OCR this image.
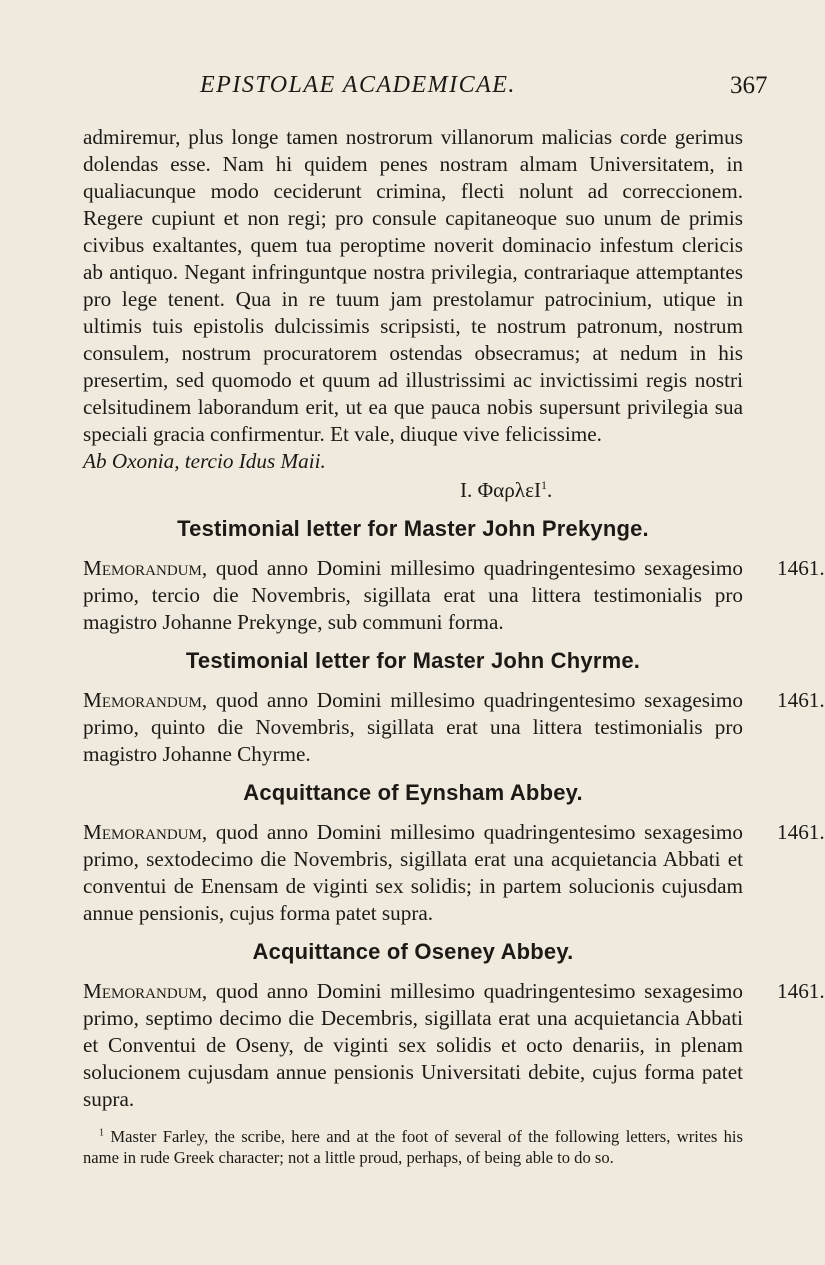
EPISTOLAE ACADEMICAE.	367

admiremur, plus longe tamen nostrorum villanorum malicias corde gerimus dolendas esse. Nam hi quidem penes nostram almam Universitatem, in qualiacunque modo ceciderunt crimina, flecti nolunt ad correccionem. Regere cupiunt et non regi; pro consule capitaneoque suo unum de primis civibus exaltantes, quem tua peroptime noverit dominacio infestum clericis ab antiquo. Negant infringuntque nostra privilegia, contrariaque attemptantes pro lege tenent. Qua in re tuum jam prestolamur patrocinium, utique in ultimis tuis epistolis dulcissimis scripsisti, te nostrum patronum, nostrum consulem, nostrum procuratorem ostendas obsecramus; at nedum in his presertim, sed quomodo et quum ad illustrissimi ac invictissimi regis nostri celsitudinem laborandum erit, ut ea que pauca nobis supersunt privilegia sua speciali gracia confirmentur. Et vale, diuque vive felicissime.

Ab Oxonia, tercio Idus Maii.

I. ΦαρλεΙ$^1$.
Testimonial letter for Master John Prekynge.

Memorandum, quod anno Domini millesimo quadringentesimo sexagesimo primo, tercio die Novembris, sigillata erat una littera testimonialis pro magistro Johanne Prekynge, sub communi forma.

1461.
Testimonial letter for Master John Chyrme.

Memorandum, quod anno Domini millesimo quadringentesimo sexagesimo primo, quinto die Novembris, sigillata erat una littera testimonialis pro magistro Johanne Chyrme.

1461.
Acquittance of Eynsham Abbey.

Memorandum, quod anno Domini millesimo quadringentesimo sexagesimo primo, sextodecimo die Novembris, sigillata erat una acquietancia Abbati et conventui de Enensam de viginti sex solidis; in partem solucionis cujusdam annue pensionis, cujus forma patet supra.

1461.
Acquittance of Oseney Abbey.

Memorandum, quod anno Domini millesimo quadringentesimo sexagesimo primo, septimo decimo die Decembris, sigillata erat una acquietancia Abbati et Conventui de Oseny, de viginti sex solidis et octo denariis, in plenam solucionem cujusdam annue pensionis Universitati debite, cujus forma patet supra.

1461.

$^1$ Master Farley, the scribe, here and at the foot of several of the following letters, writes his name in rude Greek character; not a little proud, perhaps, of being able to do so.
